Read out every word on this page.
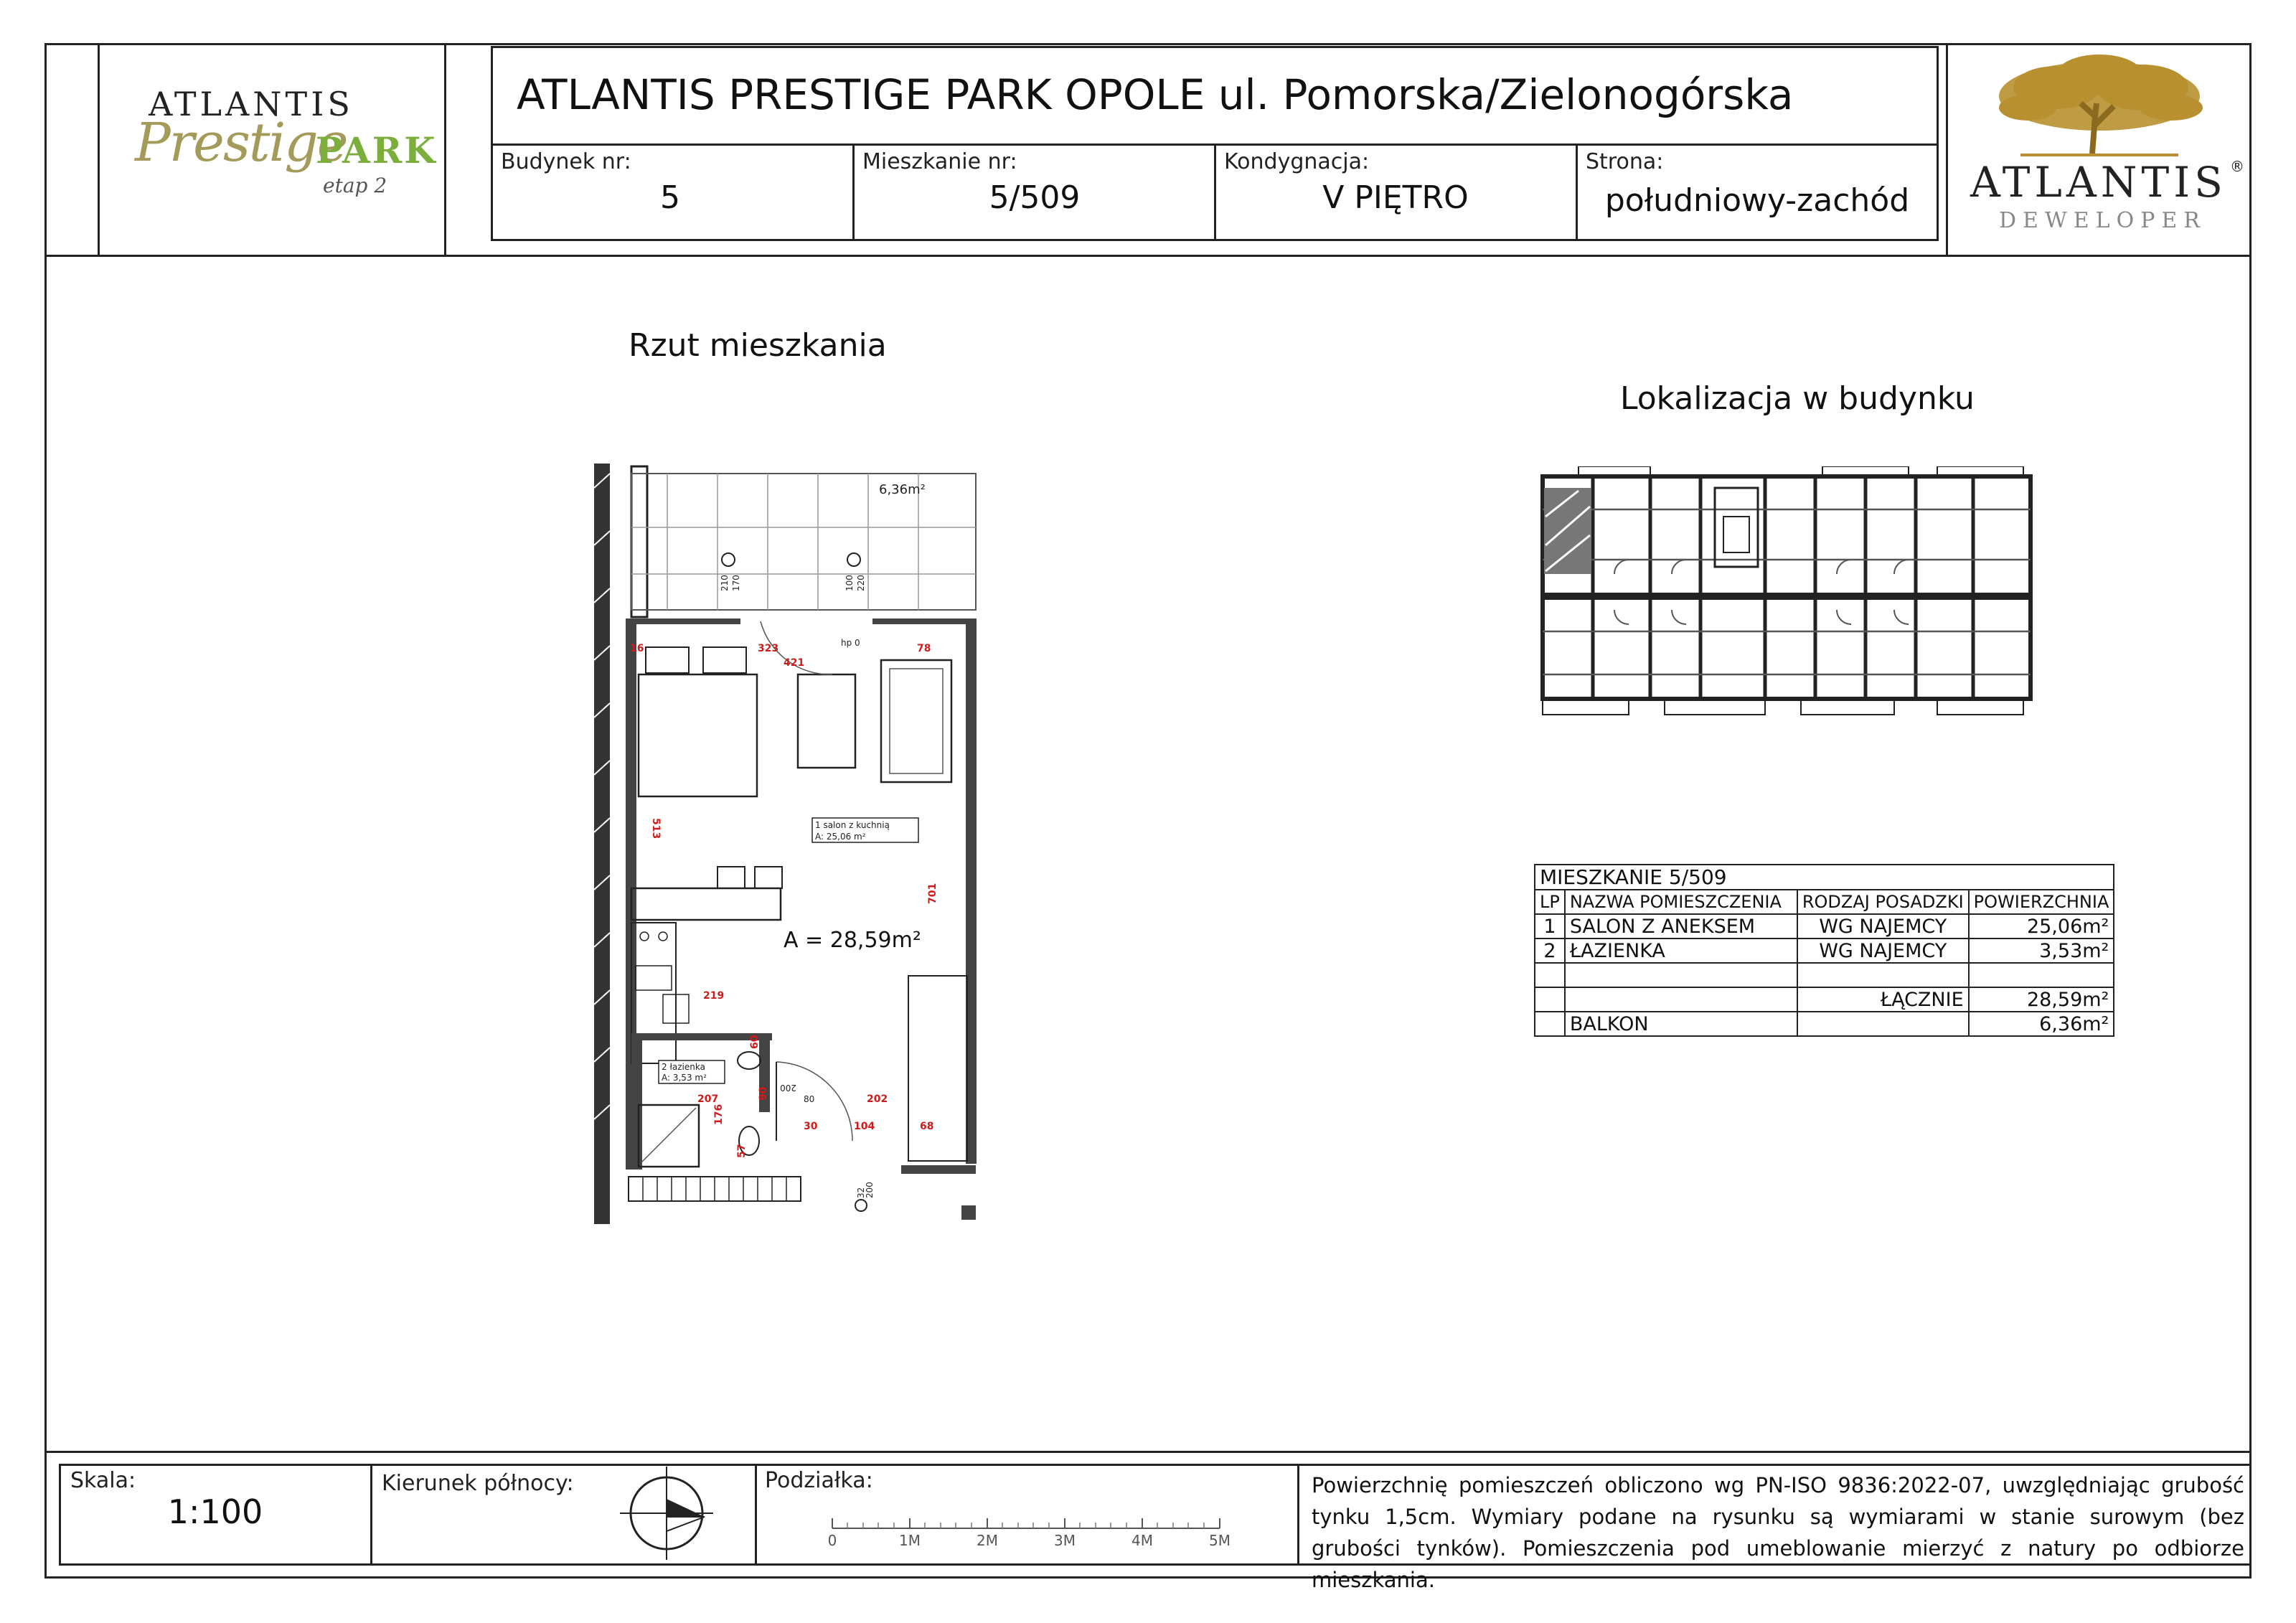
ATLANTIS
Prestige
PARK
etap 2
ATLANTIS PRESTIGE PARK OPOLE ul. Pomorska/Zielonogórska
Budynek nr:
5
Mieszkanie nr:
5/509
Kondygnacja:
V PIĘTRO
Strona:
południowy-zachód	ATLANTIS ®
DEWELOPER
Rzut mieszkania
6,36m²
1 salon z kuchnią
A: 25,06 m²
A = 28,59m²
2 łazienka
A: 3,53 m²
16	323
421
78
513
701
219
207
176
90	202
30	104	68
57
60
hp 0
210 170	100 220
200
80
32
200
Lokalizacja w budynku
MIESZKANIE 5/509			
LP	NAZWA POMIESZCZENIA	RODZAJ POSADZKI	POWIERZCHNIA
1	SALON Z ANEKSEM	WG NAJEMCY	25,06m²
2	ŁAZIENKA	WG NAJEMCY	3,53m²

		ŁĄCZNIE	28,59m²
	BALKON		6,36m²
Skala:
1:100
Kierunek północy:	Podziałka:
0	1M	2M	3M	4M	5M
Powierzchnię pomieszczeń obliczono wg PN-ISO 9836:2022-07, uwzględniając grubość tynku 1,5cm. Wymiary podane na rysunku są wymiarami w stanie surowym (bez grubości tynków). Pomieszczenia pod umeblowanie mierzyć z natury po odbiorze mieszkania.
